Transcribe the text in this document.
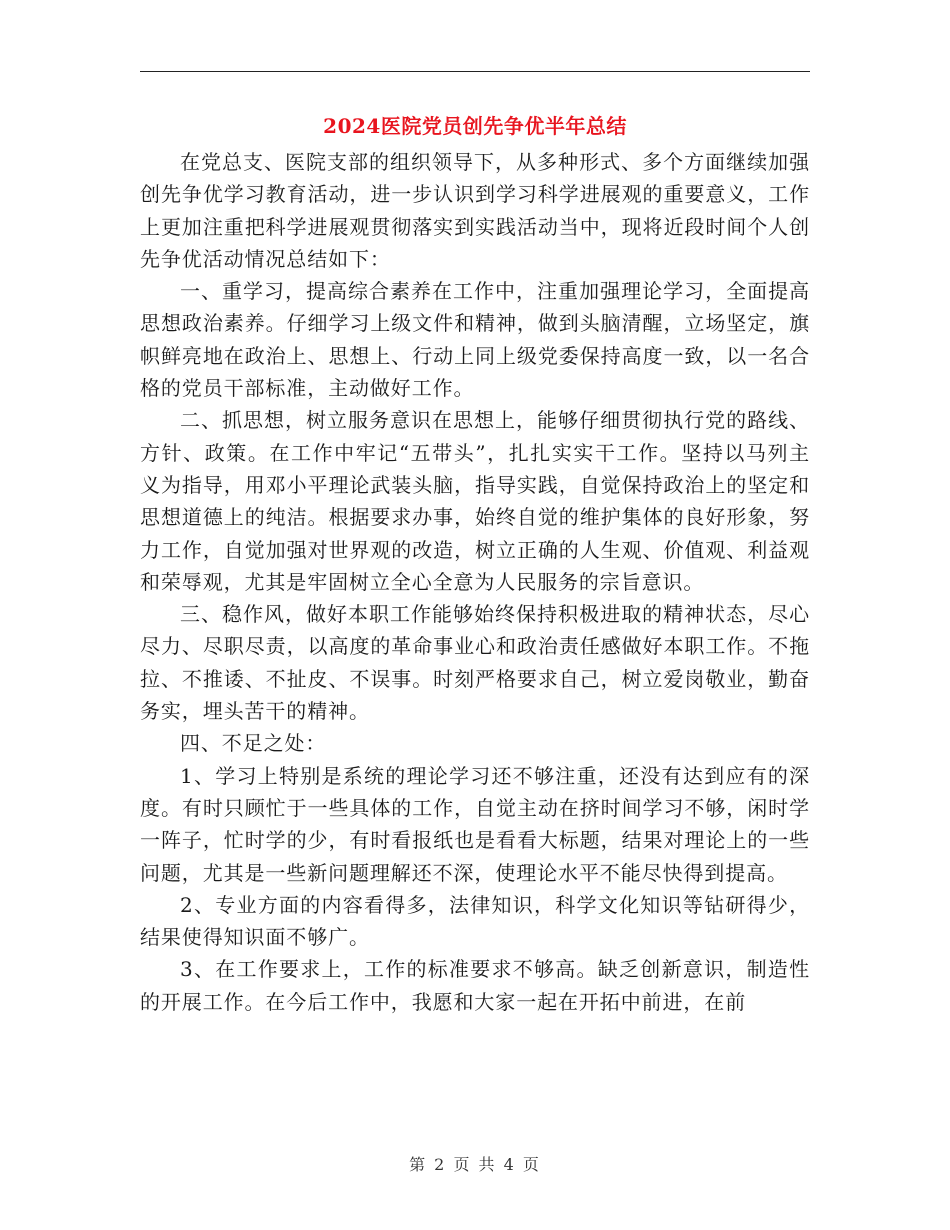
2024医院党员创先争优半年总结

在党总支、医院支部的组织领导下，从多种形式、多个方面继续加强创先争优学习教育活动，进一步认识到学习科学进展观的重要意义，工作上更加注重把科学进展观贯彻落实到实践活动当中，现将近段时间个人创先争优活动情况总结如下：

一、重学习，提高综合素养在工作中，注重加强理论学习，全面提高思想政治素养。仔细学习上级文件和精神，做到头脑清醒，立场坚定，旗帜鲜亮地在政治上、思想上、行动上同上级党委保持高度一致，以一名合格的党员干部标准，主动做好工作。

二、抓思想，树立服务意识在思想上，能够仔细贯彻执行党的路线、方针、政策。在工作中牢记“五带头”，扎扎实实干工作。坚持以马列主义为指导，用邓小平理论武装头脑，指导实践，自觉保持政治上的坚定和思想道德上的纯洁。根据要求办事，始终自觉的维护集体的良好形象，努力工作，自觉加强对世界观的改造，树立正确的人生观、价值观、利益观和荣辱观，尤其是牢固树立全心全意为人民服务的宗旨意识。

三、稳作风，做好本职工作能够始终保持积极进取的精神状态，尽心尽力、尽职尽责，以高度的革命事业心和政治责任感做好本职工作。不拖拉、不推诿、不扯皮、不误事。时刻严格要求自己，树立爱岗敬业，勤奋务实，埋头苦干的精神。

四、不足之处：

1、学习上特别是系统的理论学习还不够注重，还没有达到应有的深度。有时只顾忙于一些具体的工作，自觉主动在挤时间学习不够，闲时学一阵子，忙时学的少，有时看报纸也是看看大标题，结果对理论上的一些问题，尤其是一些新问题理解还不深，使理论水平不能尽快得到提高。

2、专业方面的内容看得多，法律知识，科学文化知识等钻研得少，结果使得知识面不够广。

3、在工作要求上，工作的标准要求不够高。缺乏创新意识，制造性的开展工作。在今后工作中，我愿和大家一起在开拓中前进，在前

第 2 页 共 4 页
